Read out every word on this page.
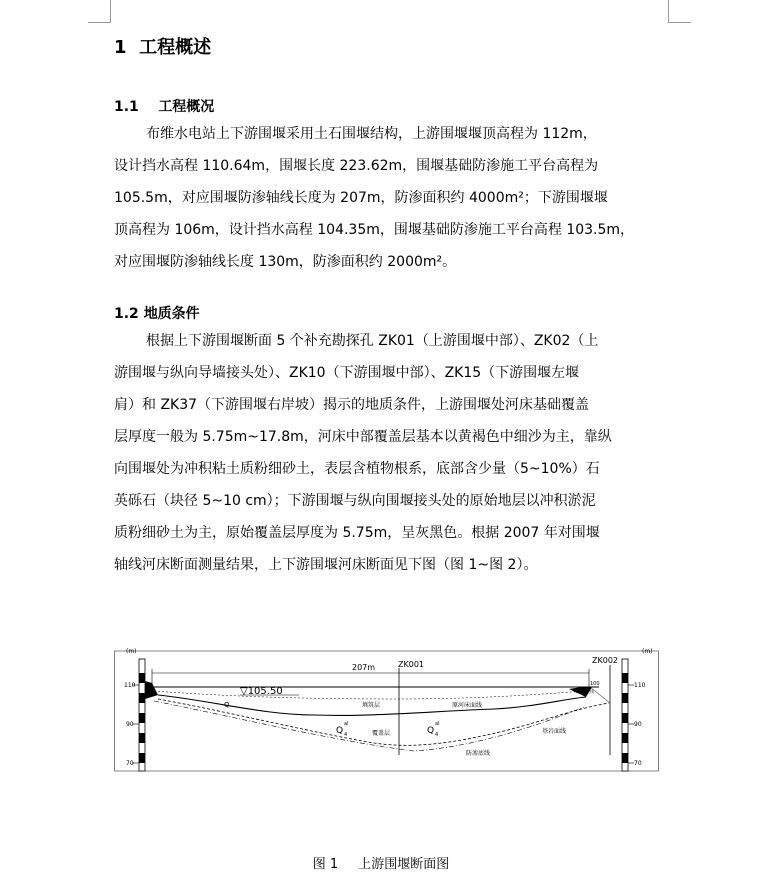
1 工程概述
1.1 工程概况
布维水电站上下游围堰采用土石围堰结构，上游围堰堰顶高程为 112m，
设计挡水高程 110.64m，围堰长度 223.62m，围堰基础防渗施工平台高程为
105.5m，对应围堰防渗轴线长度为 207m，防渗面积约 4000m²；下游围堰堰
顶高程为 106m，设计挡水高程 104.35m，围堰基础防渗施工平台高程 103.5m，
对应围堰防渗轴线长度 130m，防渗面积约 2000m²。
1.2 地质条件
根据上下游围堰断面 5 个补充勘探孔 ZK01（上游围堰中部）、ZK02（上
游围堰与纵向导墙接头处）、ZK10（下游围堰中部）、ZK15（下游围堰左堰
肩）和 ZK37（下游围堰右岸坡）揭示的地质条件，上游围堰处河床基础覆盖
层厚度一般为 5.75m~17.8m，河床中部覆盖层基本以黄褐色中细沙为主，靠纵
向围堰处为冲积粘土质粉细砂土，表层含植物根系，底部含少量（5~10%）石
英砾石（块径 5~10 cm）；下游围堰与纵向围堰接头处的原始地层以冲积淤泥
质粉细砂土为主，原始覆盖层厚度为 5.75m，呈灰黑色。根据 2007 年对围堰
轴线河床断面测量结果，上下游围堰河床断面见下图（图 1~图 2）。
(m)	(m)
110
90
70
110
90
70
207m	ZK001	ZK002
▽105.50
填筑层	原河床面线
覆盖层	基岩面线
防渗底线
Q 4
al
Q 4
al
Q
100
岸坡开挖线
图 1 上游围堰断面图
